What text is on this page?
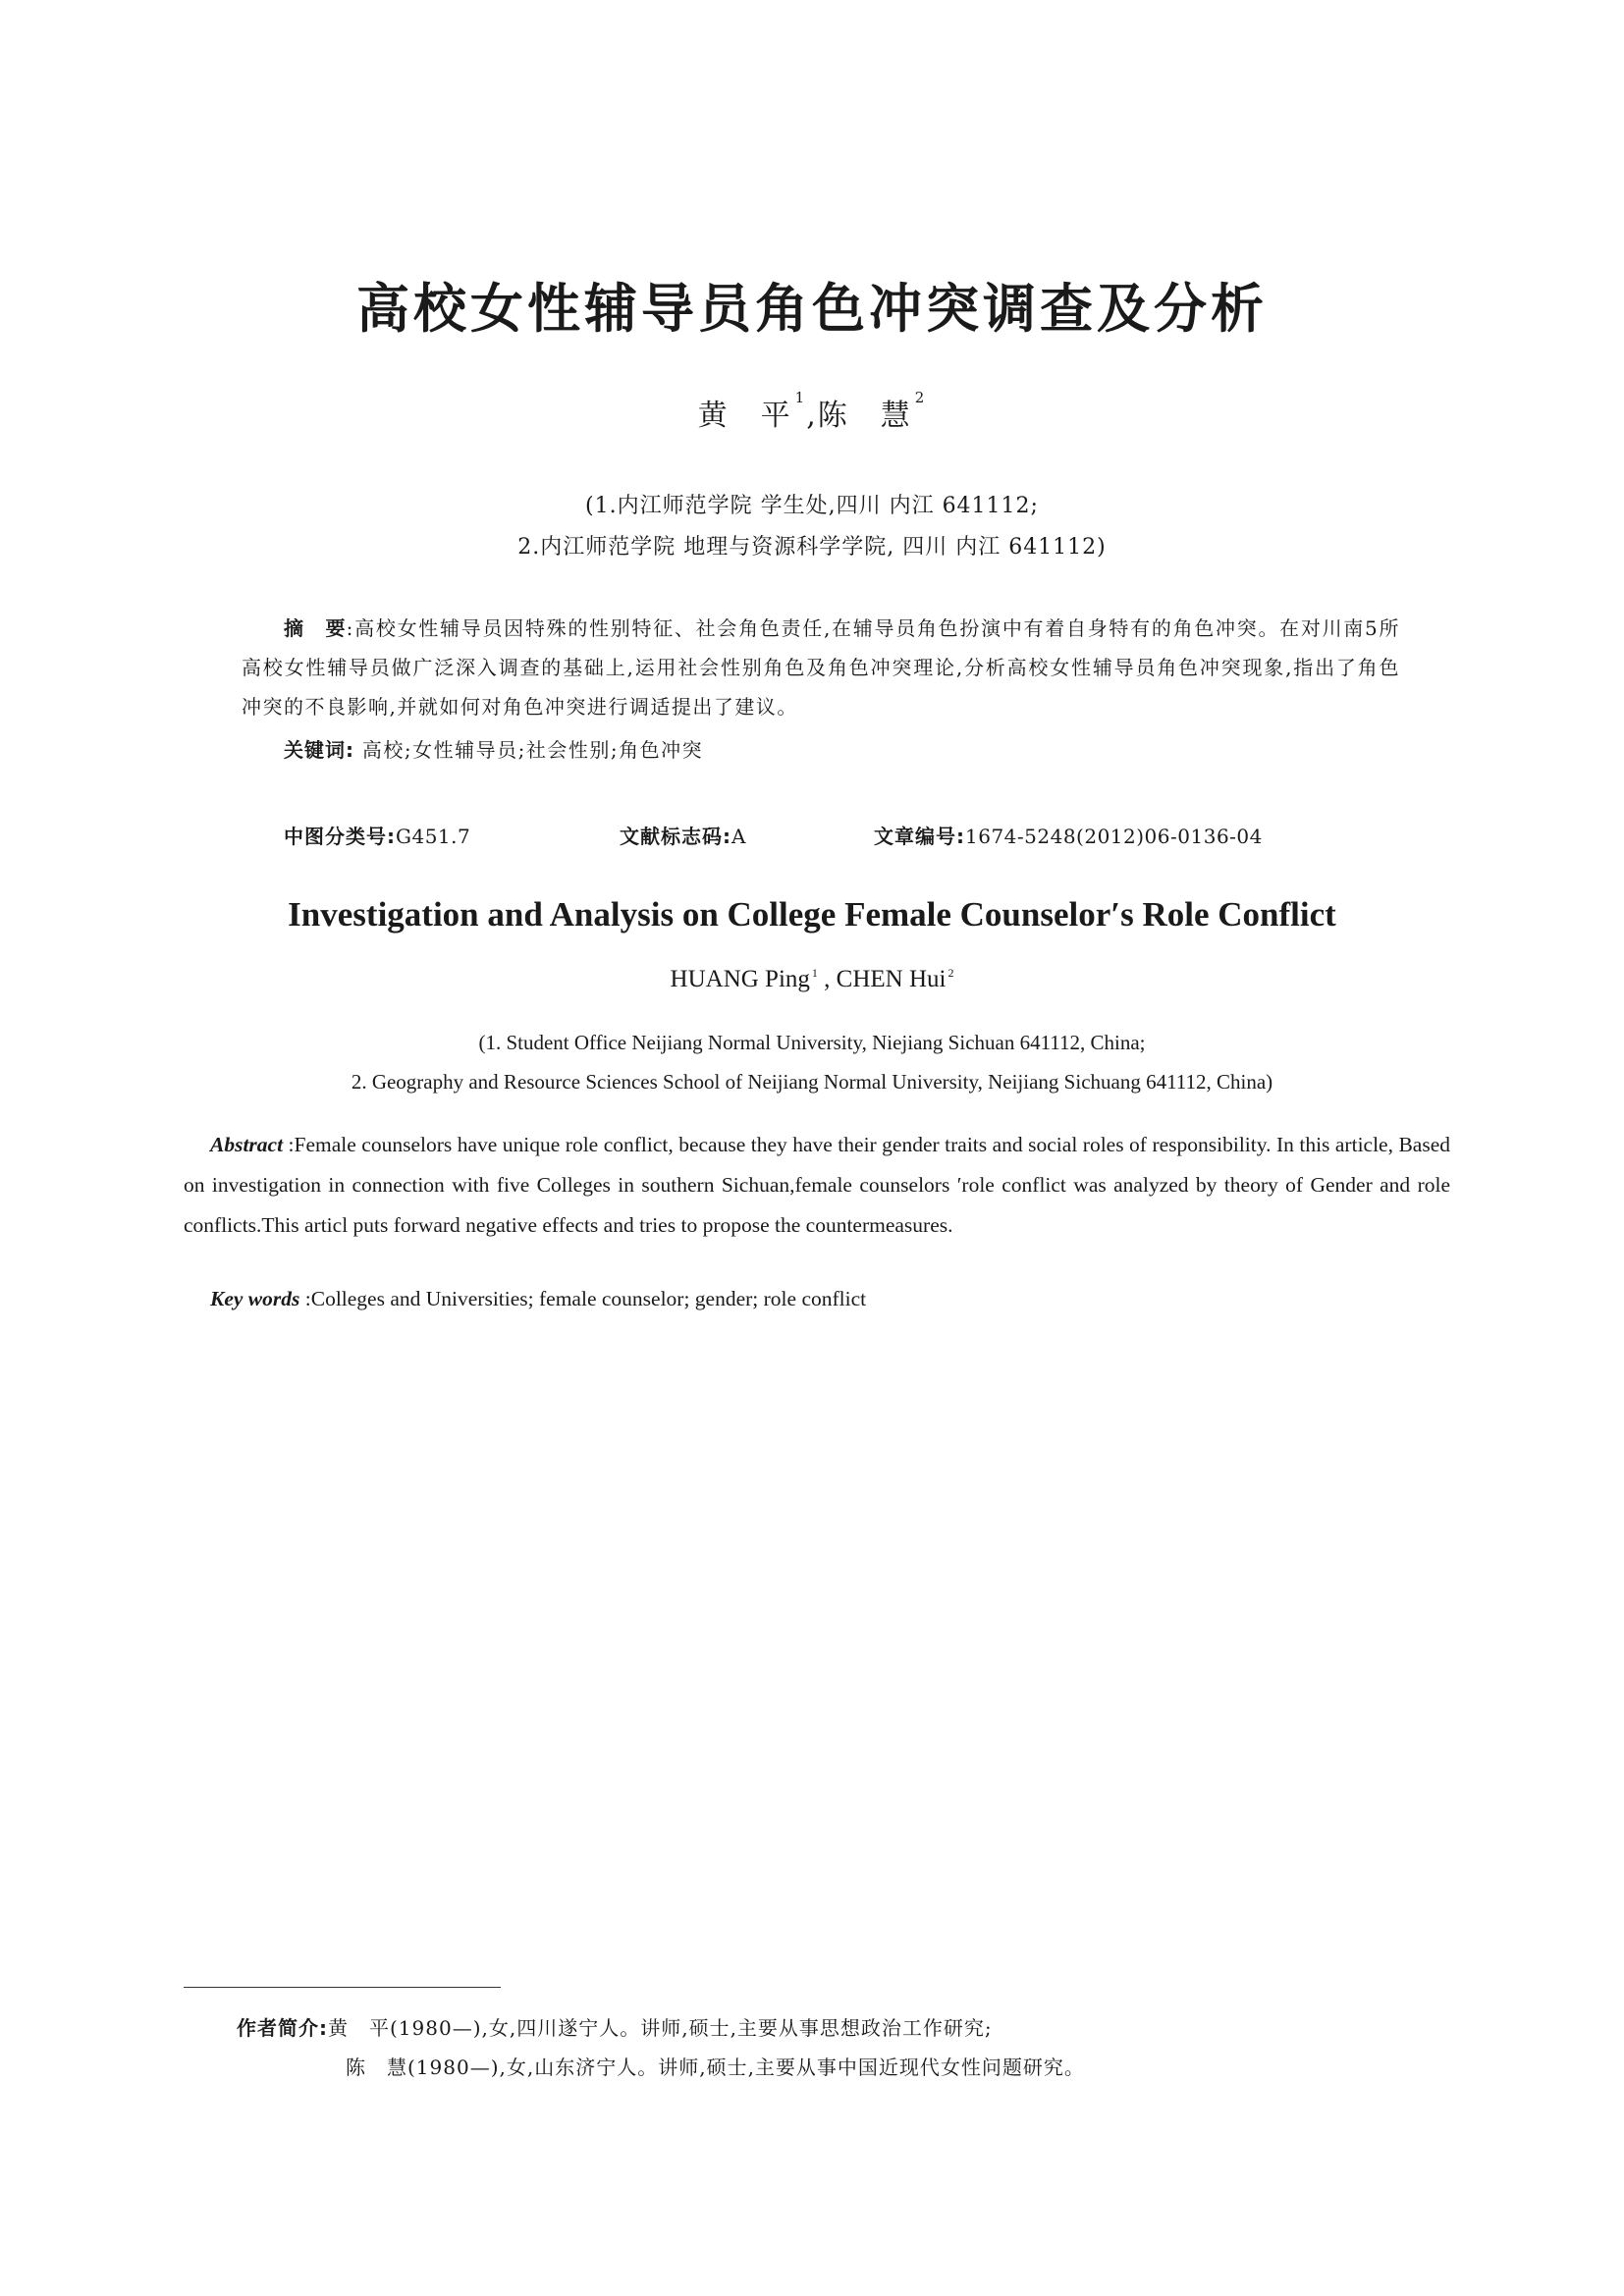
高校女性辅导员角色冲突调查及分析
黄　平$^1$,陈　慧$^2$
(1.内江师范学院 学生处,四川 内江 641112;
2.内江师范学院 地理与资源科学学院, 四川 内江 641112)
摘　要:高校女性辅导员因特殊的性别特征、社会角色责任,在辅导员角色扮演中有着自身特有的角色冲突。在对川南5所高校女性辅导员做广泛深入调查的基础上,运用社会性别角色及角色冲突理论,分析高校女性辅导员角色冲突现象,指出了角色冲突的不良影响,并就如何对角色冲突进行调适提出了建议。
关键词: 高校;女性辅导员;社会性别;角色冲突
中图分类号:G451.7	文献标志码:A	文章编号:1674-5248(2012)06-0136-04
Investigation and Analysis on College Female Counselor′s Role Conflict
HUANG Ping $^1$ , CHEN Hui $^2$
(1. Student Office Neijiang Normal University, Niejiang Sichuan 641112, China;
2. Geography and Resource Sciences School of Neijiang Normal University, Neijiang Sichuang 641112, China)
Abstract :Female counselors have unique role conflict, because they have their gender traits and social roles of responsibility. In this article, Based on investigation in connection with five Colleges in southern Sichuan,female counselors ′role conflict was analyzed by theory of Gender and role conflicts.This articl puts forward negative effects and tries to propose the countermeasures.
Key words :Colleges and Universities; female counselor; gender; role conflict
作者简介:黄　平(1980—),女,四川遂宁人。讲师,硕士,主要从事思想政治工作研究;
陈　慧(1980—),女,山东济宁人。讲师,硕士,主要从事中国近现代女性问题研究。
